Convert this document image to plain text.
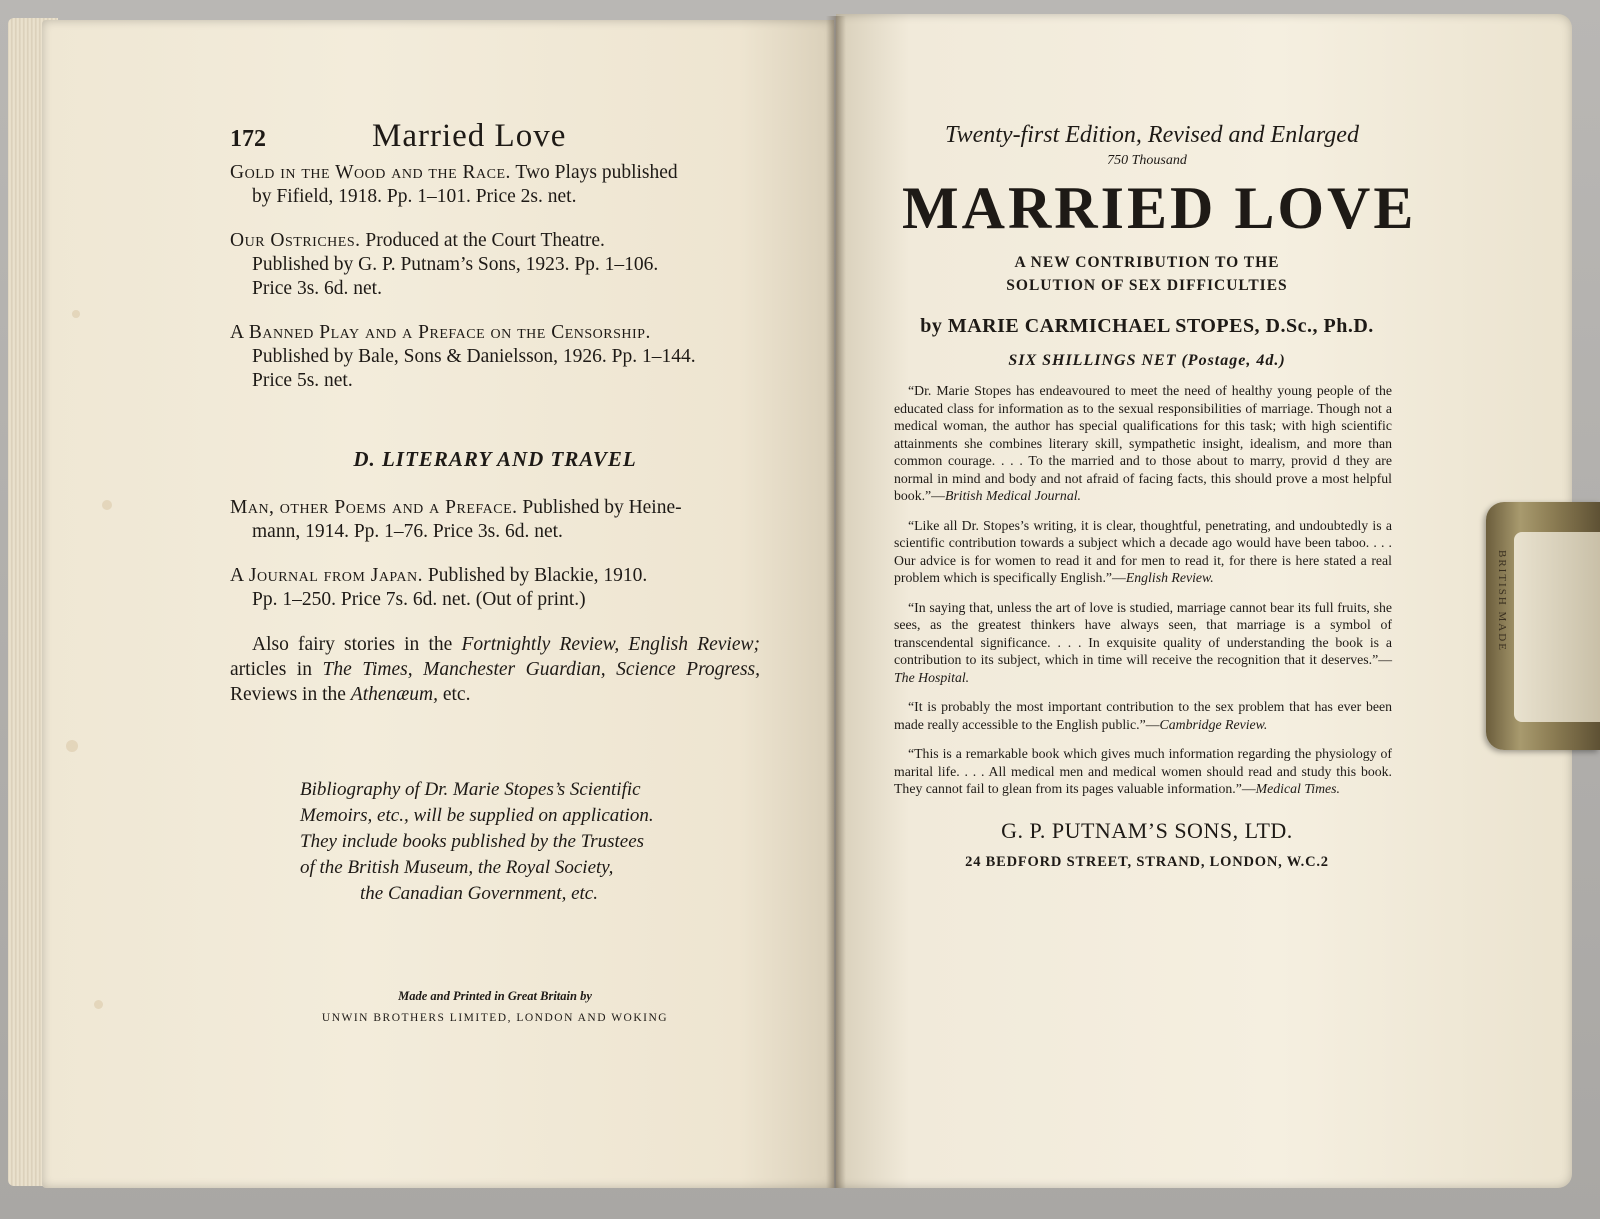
172	Married Love
Gold in the Wood and the Race. Two Plays published
by Fifield, 1918. Pp. 1–101. Price 2s. net.
Our Ostriches. Produced at the Court Theatre.
Published by G. P. Putnam’s Sons, 1923. Pp. 1–106.
Price 3s. 6d. net.
A Banned Play and a Preface on the Censorship.
Published by Bale, Sons & Danielsson, 1926. Pp. 1–144.
Price 5s. net.
D. LITERARY AND TRAVEL
Man, other Poems and a Preface. Published by Heine-
mann, 1914. Pp. 1–76. Price 3s. 6d. net.
A Journal from Japan. Published by Blackie, 1910.
Pp. 1–250. Price 7s. 6d. net. (Out of print.)
Also fairy stories in the Fortnightly Review, English Review; articles in The Times, Manchester Guardian, Science Progress, Reviews in the Athenæum, etc.
Bibliography of Dr. Marie Stopes’s Scientific
Memoirs, etc., will be supplied on application.
They include books published by the Trustees
of the British Museum, the Royal Society,
the Canadian Government, etc.
Made and Printed in Great Britain by
UNWIN BROTHERS LIMITED, LONDON AND WOKING
Twenty-first Edition, Revised and Enlarged
750 Thousand
MARRIED LOVE
A NEW CONTRIBUTION TO THE
SOLUTION OF SEX DIFFICULTIES
by MARIE CARMICHAEL STOPES, D.Sc., Ph.D.
SIX SHILLINGS NET (Postage, 4d.)
“Dr. Marie Stopes has endeavoured to meet the need of healthy young people of the educated class for information as to the sexual responsibilities of marriage. Though not a medical woman, the author has special qualifications for this task; with high scientific attainments she combines literary skill, sympathetic insight, idealism, and more than common courage. . . . To the married and to those about to marry, provid d they are normal in mind and body and not afraid of facing facts, this should prove a most helpful book.”—British Medical Journal.
“Like all Dr. Stopes’s writing, it is clear, thoughtful, penetrating, and undoubtedly is a scientific contribution towards a subject which a decade ago would have been taboo. . . . Our advice is for women to read it and for men to read it, for there is here stated a real problem which is specifically English.”—English Review.
“In saying that, unless the art of love is studied, marriage cannot bear its full fruits, she sees, as the greatest thinkers have always seen, that marriage is a symbol of transcendental significance. . . . In exquisite quality of understanding the book is a contribution to its subject, which in time will receive the recognition that it deserves.”—The Hospital.
“It is probably the most important contribution to the sex problem that has ever been made really accessible to the English public.”—Cambridge Review.
“This is a remarkable book which gives much information regarding the physiology of marital life. . . . All medical men and medical women should read and study this book. They cannot fail to glean from its pages valuable information.”—Medical Times.
G. P. PUTNAM’S SONS, LTD.
24 BEDFORD STREET, STRAND, LONDON, W.C.2
BRITISH MADE
